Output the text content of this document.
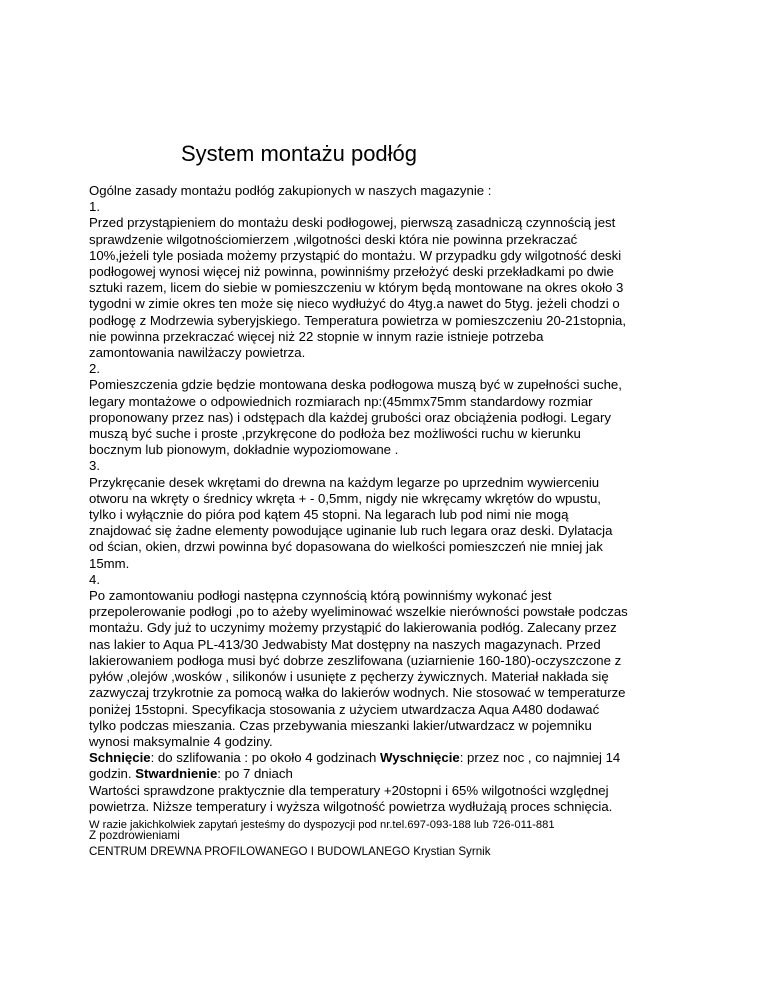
System montażu podłóg
Ogólne zasady montażu podłóg zakupionych w naszych magazynie :
1.
Przed przystąpieniem do montażu deski podłogowej, pierwszą zasadniczą czynnością jest
sprawdzenie wilgotnościomierzem ,wilgotności deski która nie powinna przekraczać
10%,jeżeli tyle posiada możemy przystąpić do montażu. W przypadku gdy wilgotność deski
podłogowej wynosi więcej niż powinna, powinniśmy przełożyć deski przekładkami po dwie
sztuki razem, licem do siebie w pomieszczeniu w którym będą montowane na okres około 3
tygodni w zimie okres ten może się nieco wydłużyć do 4tyg.a nawet do 5tyg. jeżeli chodzi o
podłogę z Modrzewia syberyjskiego. Temperatura powietrza w pomieszczeniu 20-21stopnia,
nie powinna przekraczać więcej niż 22 stopnie w innym razie istnieje potrzeba
zamontowania nawilżaczy powietrza.
2.
Pomieszczenia gdzie będzie montowana deska podłogowa muszą być w zupełności suche,
legary montażowe o odpowiednich rozmiarach np:(45mmx75mm standardowy rozmiar
proponowany przez nas) i odstępach dla każdej grubości oraz obciążenia podłogi. Legary
muszą być suche i proste ,przykręcone do podłoża bez możliwości ruchu w kierunku
bocznym lub pionowym, dokładnie wypoziomowane .
3.
Przykręcanie desek wkrętami do drewna na każdym legarze po uprzednim wywierceniu
otworu na wkręty o średnicy wkręta + - 0,5mm, nigdy nie wkręcamy wkrętów do wpustu,
tylko i wyłącznie do pióra pod kątem 45 stopni. Na legarach lub pod nimi nie mogą
znajdować się żadne elementy powodujące uginanie lub ruch legara oraz deski. Dylatacja
od ścian, okien, drzwi powinna być dopasowana do wielkości pomieszczeń nie mniej jak
15mm.
4.
Po zamontowaniu podłogi następna czynnością którą powinniśmy wykonać jest
przepolerowanie podłogi ,po to ażeby wyeliminować wszelkie nierówności powstałe podczas
montażu. Gdy już to uczynimy możemy przystąpić do lakierowania podłóg. Zalecany przez
nas lakier to Aqua PL-413/30 Jedwabisty Mat dostępny na naszych magazynach. Przed
lakierowaniem podłoga musi być dobrze zeszlifowana (uziarnienie 160-180)-oczyszczone z
pyłów ,olejów ,wosków , silikonów i usunięte z pęcherzy żywicznych. Materiał nakłada się
zazwyczaj trzykrotnie za pomocą wałka do lakierów wodnych. Nie stosować w temperaturze
poniżej 15stopni. Specyfikacja stosowania z użyciem utwardzacza Aqua A480 dodawać
tylko podczas mieszania. Czas przebywania mieszanki lakier/utwardzacz w pojemniku
wynosi maksymalnie 4 godziny.
Schnięcie: do szlifowania : po około 4 godzinach Wyschnięcie: przez noc , co najmniej 14
godzin. Stwardnienie: po 7 dniach
Wartości sprawdzone praktycznie dla temperatury +20stopni i 65% wilgotności względnej
powietrza. Niższe temperatury i wyższa wilgotność powietrza wydłużają proces schnięcia.
W razie jakichkolwiek zapytań jesteśmy do dyspozycji pod nr.tel.697-093-188 lub 726-011-881
Z pozdrowieniami
CENTRUM DREWNA PROFILOWANEGO I BUDOWLANEGO Krystian Syrnik
